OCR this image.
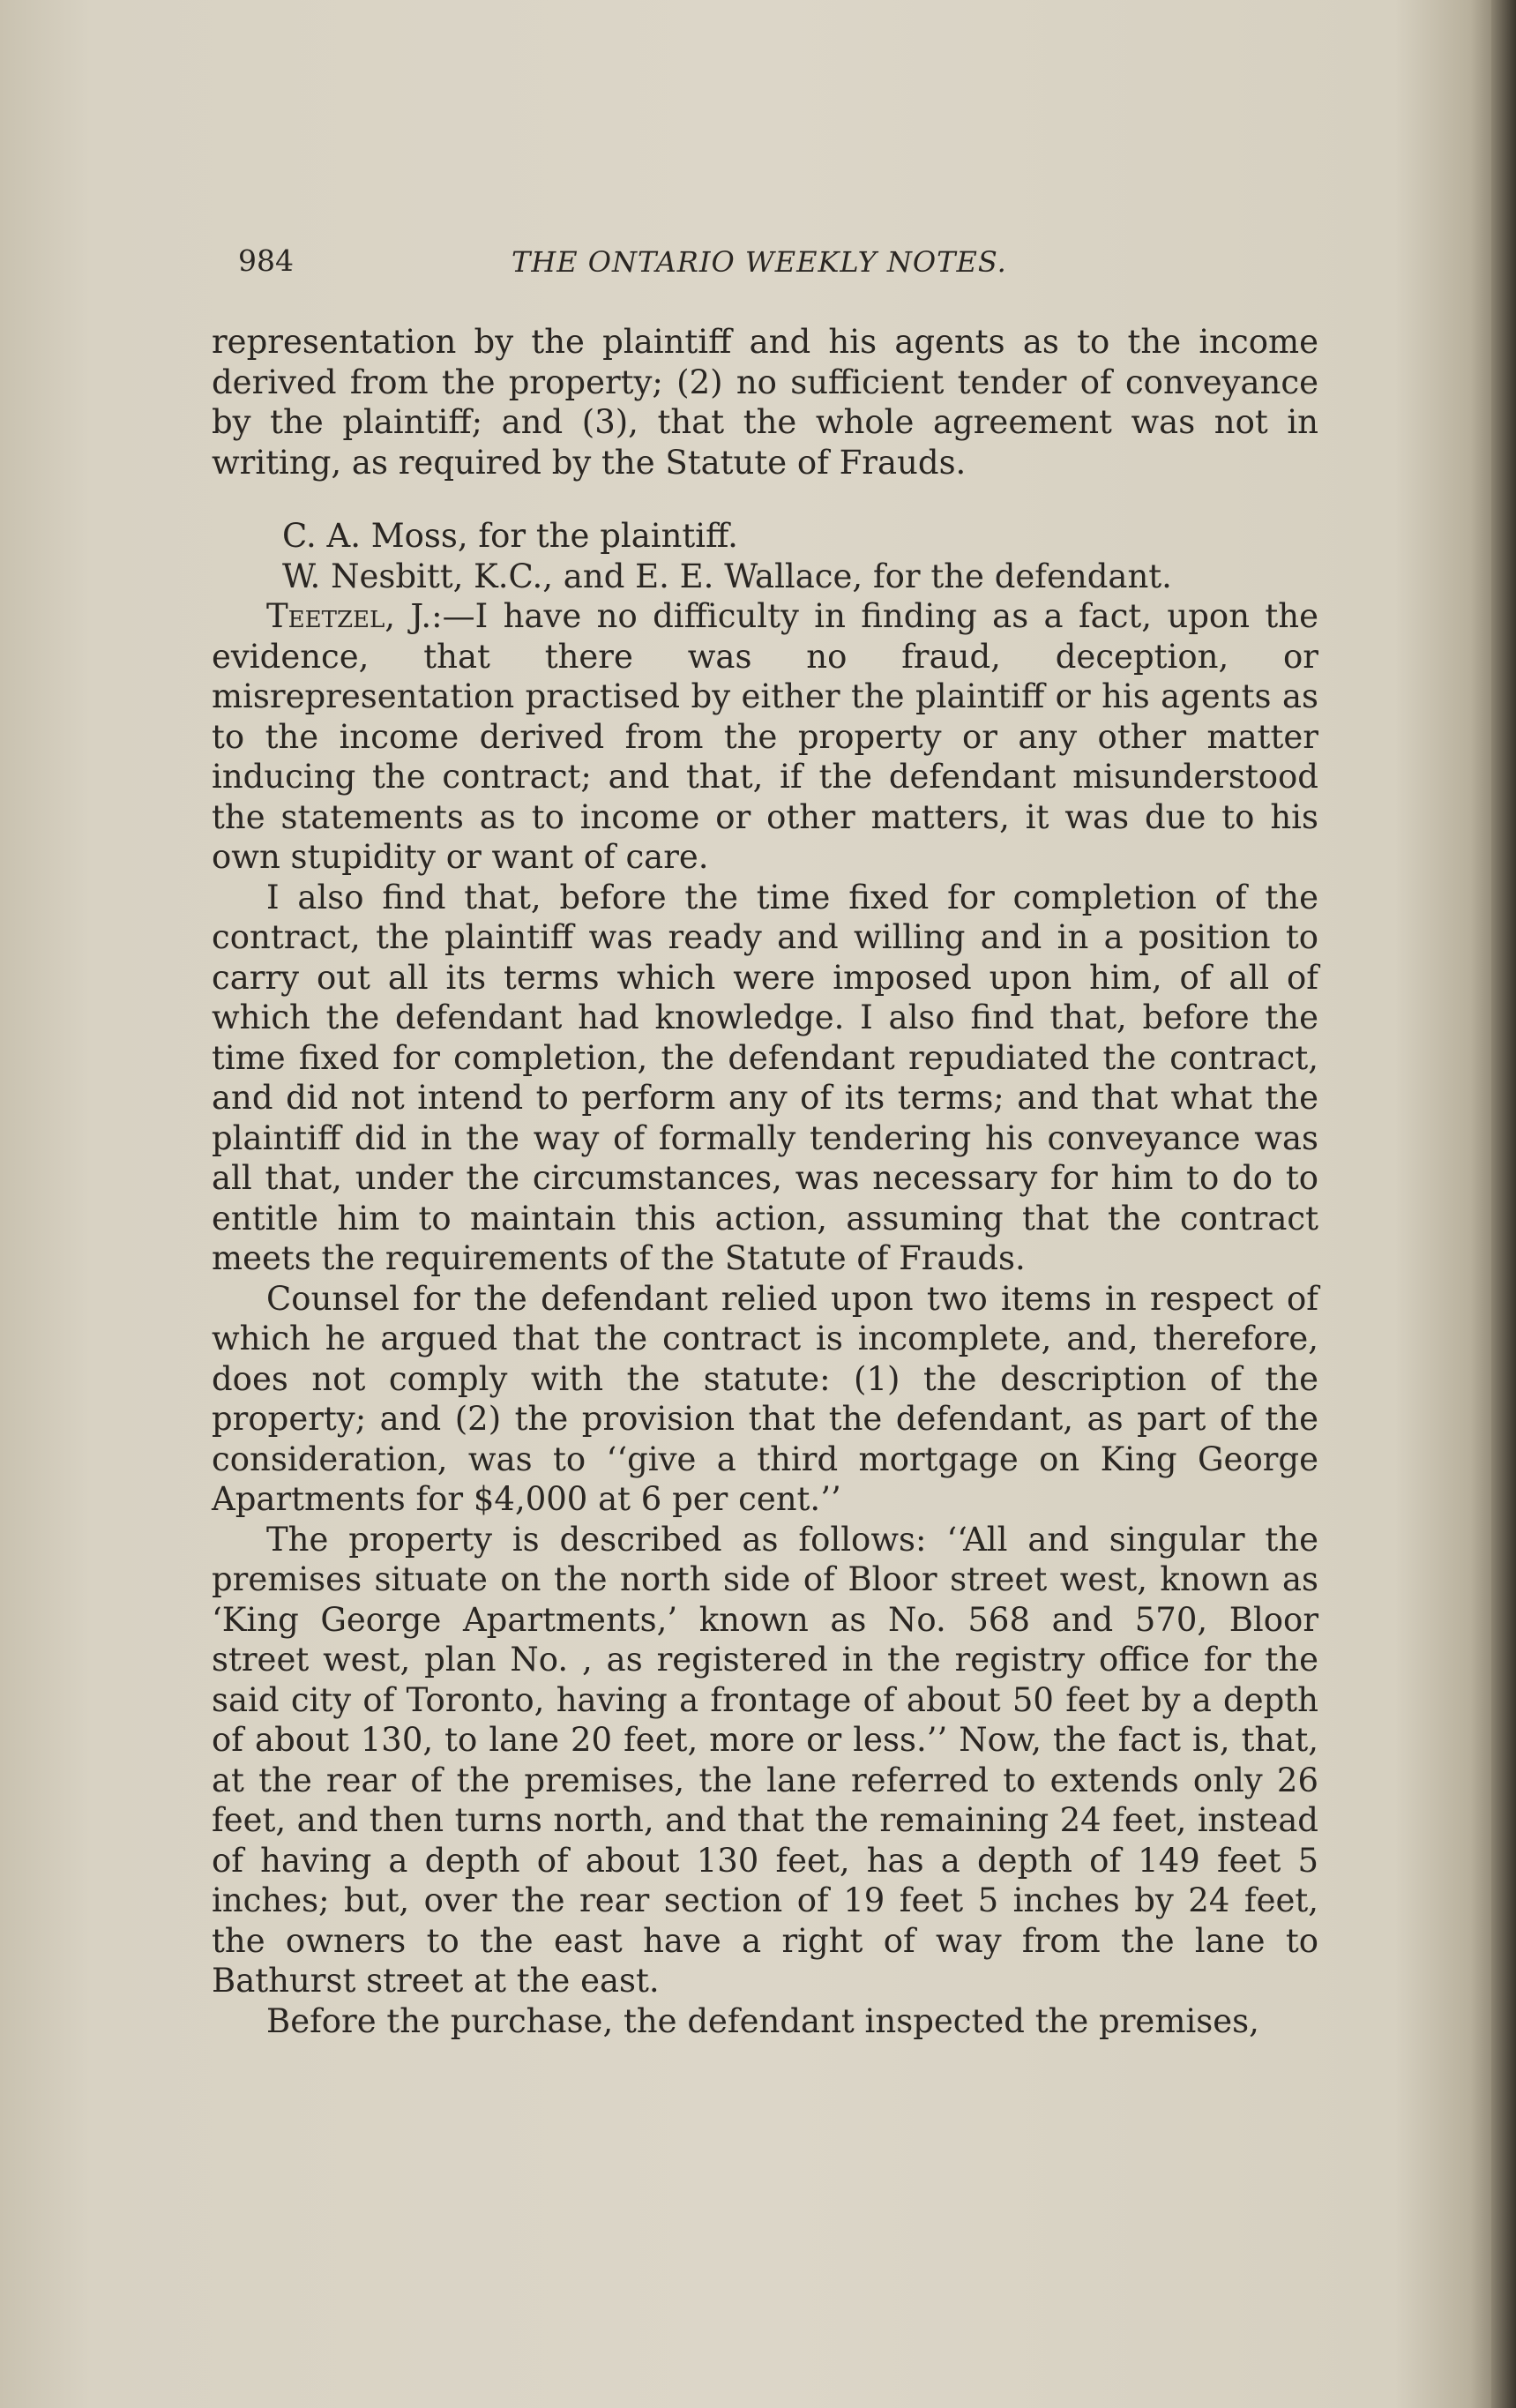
984	THE ONTARIO WEEKLY NOTES.

representation by the plaintiff and his agents as to the income derived from the property; (2) no sufficient tender of conveyance by the plaintiff; and (3), that the whole agreement was not in writing, as required by the Statute of Frauds.

C. A. Moss, for the plaintiff.

W. Nesbitt, K.C., and E. E. Wallace, for the defendant.

Teetzel, J.:—I have no difficulty in finding as a fact, upon the evidence, that there was no fraud, deception, or misrepresentation practised by either the plaintiff or his agents as to the income derived from the property or any other matter inducing the contract; and that, if the defendant misunderstood the statements as to income or other matters, it was due to his own stupidity or want of care.

I also find that, before the time fixed for completion of the contract, the plaintiff was ready and willing and in a position to carry out all its terms which were imposed upon him, of all of which the defendant had knowledge. I also find that, before the time fixed for completion, the defendant repudiated the contract, and did not intend to perform any of its terms; and that what the plaintiff did in the way of formally tendering his conveyance was all that, under the circumstances, was necessary for him to do to entitle him to maintain this action, assuming that the contract meets the requirements of the Statute of Frauds.

Counsel for the defendant relied upon two items in respect of which he argued that the contract is incomplete, and, therefore, does not comply with the statute: (1) the description of the property; and (2) the provision that the defendant, as part of the consideration, was to ‘‘give a third mortgage on King George Apartments for $4,000 at 6 per cent.’’

The property is described as follows: ‘‘All and singular the premises situate on the north side of Bloor street west, known as ‘King George Apartments,’ known as No. 568 and 570, Bloor street west, plan No. , as registered in the registry office for the said city of Toronto, having a frontage of about 50 feet by a depth of about 130, to lane 20 feet, more or less.’’ Now, the fact is, that, at the rear of the premises, the lane referred to extends only 26 feet, and then turns north, and that the remaining 24 feet, instead of having a depth of about 130 feet, has a depth of 149 feet 5 inches; but, over the rear section of 19 feet 5 inches by 24 feet, the owners to the east have a right of way from the lane to Bathurst street at the east.

Before the purchase, the defendant inspected the premises,
